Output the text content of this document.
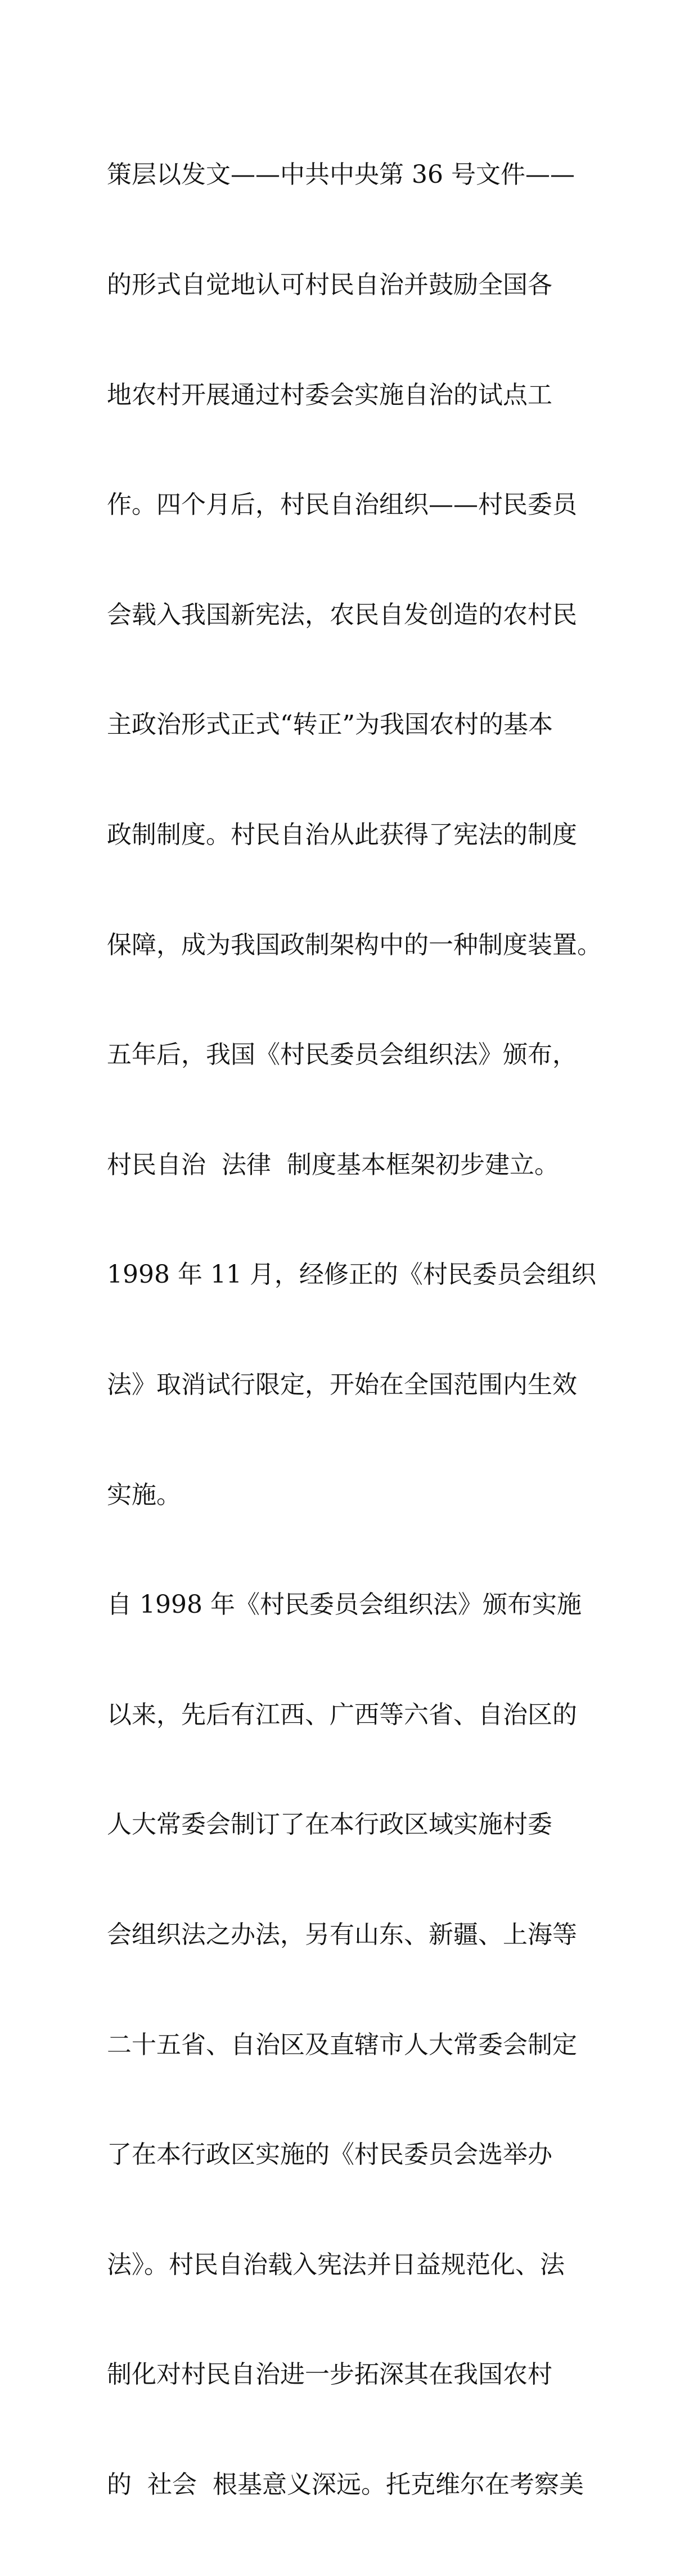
策层以发文——中共中央第 36 号文件——

的形式自觉地认可村民自治并鼓励全国各

地农村开展通过村委会实施自治的试点工

作。四个月后，村民自治组织——村民委员

会载入我国新宪法，农民自发创造的农村民

主政治形式正式“转正”为我国农村的基本

政制制度。村民自治从此获得了宪法的制度

保障，成为我国政制架构中的一种制度装置。

五年后，我国《村民委员会组织法》颁布，

村民自治  法律  制度基本框架初步建立。

1998 年 11 月，经修正的《村民委员会组织

法》取消试行限定，开始在全国范围内生效

实施。

自 1998 年《村民委员会组织法》颁布实施

以来，先后有江西、广西等六省、自治区的

人大常委会制订了在本行政区域实施村委

会组织法之办法，另有山东、新疆、上海等

二十五省、自治区及直辖市人大常委会制定

了在本行政区实施的《村民委员会选举办

法》。村民自治载入宪法并日益规范化、法

制化对村民自治进一步拓深其在我国农村

的  社会  根基意义深远。托克维尔在考察美
